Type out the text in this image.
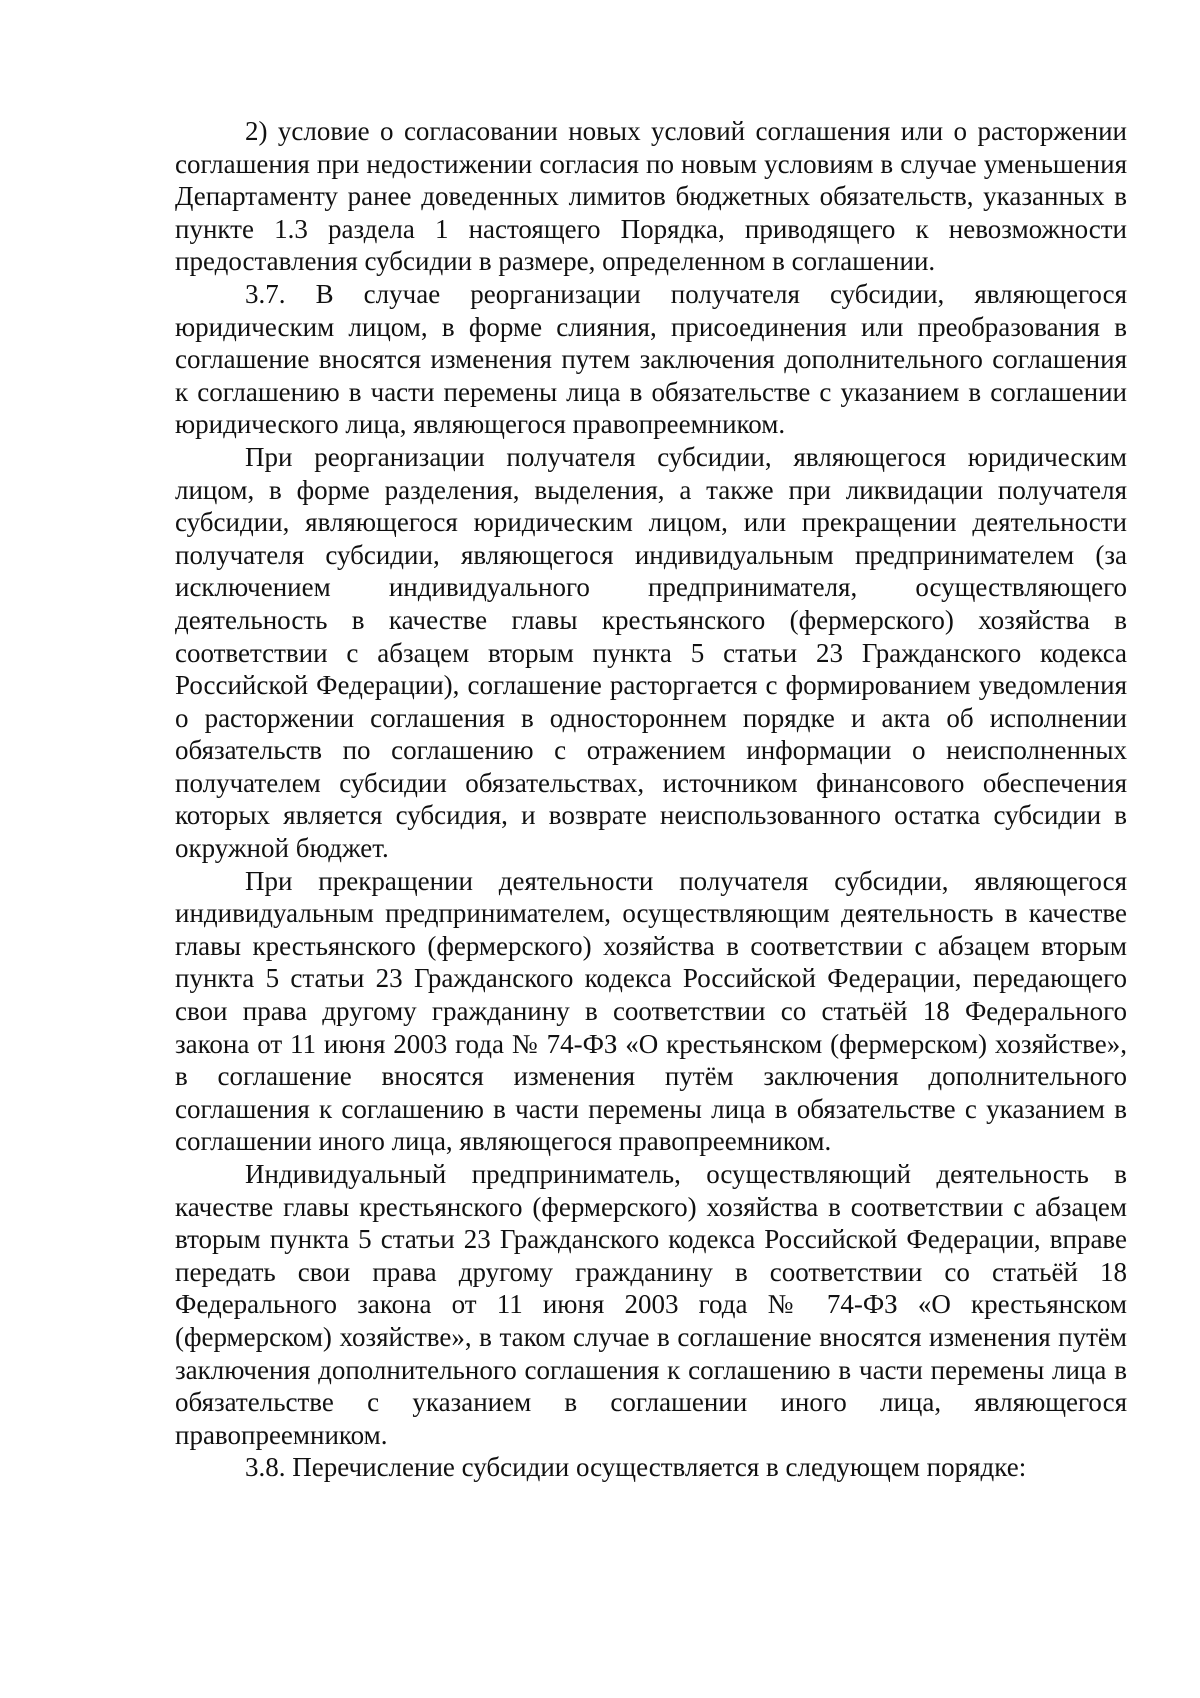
2) условие о согласовании новых условий соглашения или о расторжении соглашения при недостижении согласия по новым условиям в случае уменьшения Департаменту ранее доведенных лимитов бюджетных обязательств, указанных в пункте 1.3 раздела 1 настоящего Порядка, приводящего к невозможности предоставления субсидии в размере, определенном в соглашении.

3.7. В случае реорганизации получателя субсидии, являющегося юридическим лицом, в форме слияния, присоединения или преобразования в соглашение вносятся изменения путем заключения дополнительного соглашения к соглашению в части перемены лица в обязательстве с указанием в соглашении юридического лица, являющегося правопреемником.

При реорганизации получателя субсидии, являющегося юридическим лицом, в форме разделения, выделения, а также при ликвидации получателя субсидии, являющегося юридическим лицом, или прекращении деятельности получателя субсидии, являющегося индивидуальным предпринимателем (за исключением индивидуального предпринимателя, осуществляющего деятельность в качестве главы крестьянского (фермерского) хозяйства в соответствии с абзацем вторым пункта 5 статьи 23 Гражданского кодекса Российской Федерации), соглашение расторгается с формированием уведомления о расторжении соглашения в одностороннем порядке и акта об исполнении обязательств по соглашению с отражением информации о неисполненных получателем субсидии обязательствах, источником финансового обеспечения которых является субсидия, и возврате неиспользованного остатка субсидии в окружной бюджет.

При прекращении деятельности получателя субсидии, являющегося индивидуальным предпринимателем, осуществляющим деятельность в качестве главы крестьянского (фермерского) хозяйства в соответствии с абзацем вторым пункта 5 статьи 23 Гражданского кодекса Российской Федерации, передающего свои права другому гражданину в соответствии со статьёй 18 Федерального закона от 11 июня 2003 года № 74-ФЗ «О крестьянском (фермерском) хозяйстве», в соглашение вносятся изменения путём заключения дополнительного соглашения к соглашению в части перемены лица в обязательстве с указанием в соглашении иного лица, являющегося правопреемником.

Индивидуальный предприниматель, осуществляющий деятельность в качестве главы крестьянского (фермерского) хозяйства в соответствии с абзацем вторым пункта 5 статьи 23 Гражданского кодекса Российской Федерации, вправе передать свои права другому гражданину в соответствии со статьёй 18 Федерального закона от 11 июня 2003 года № 74-ФЗ «О крестьянском (фермерском) хозяйстве», в таком случае в соглашение вносятся изменения путём заключения дополнительного соглашения к соглашению в части перемены лица в обязательстве с указанием в соглашении иного лица, являющегося правопреемником.

3.8. Перечисление субсидии осуществляется в следующем порядке:
